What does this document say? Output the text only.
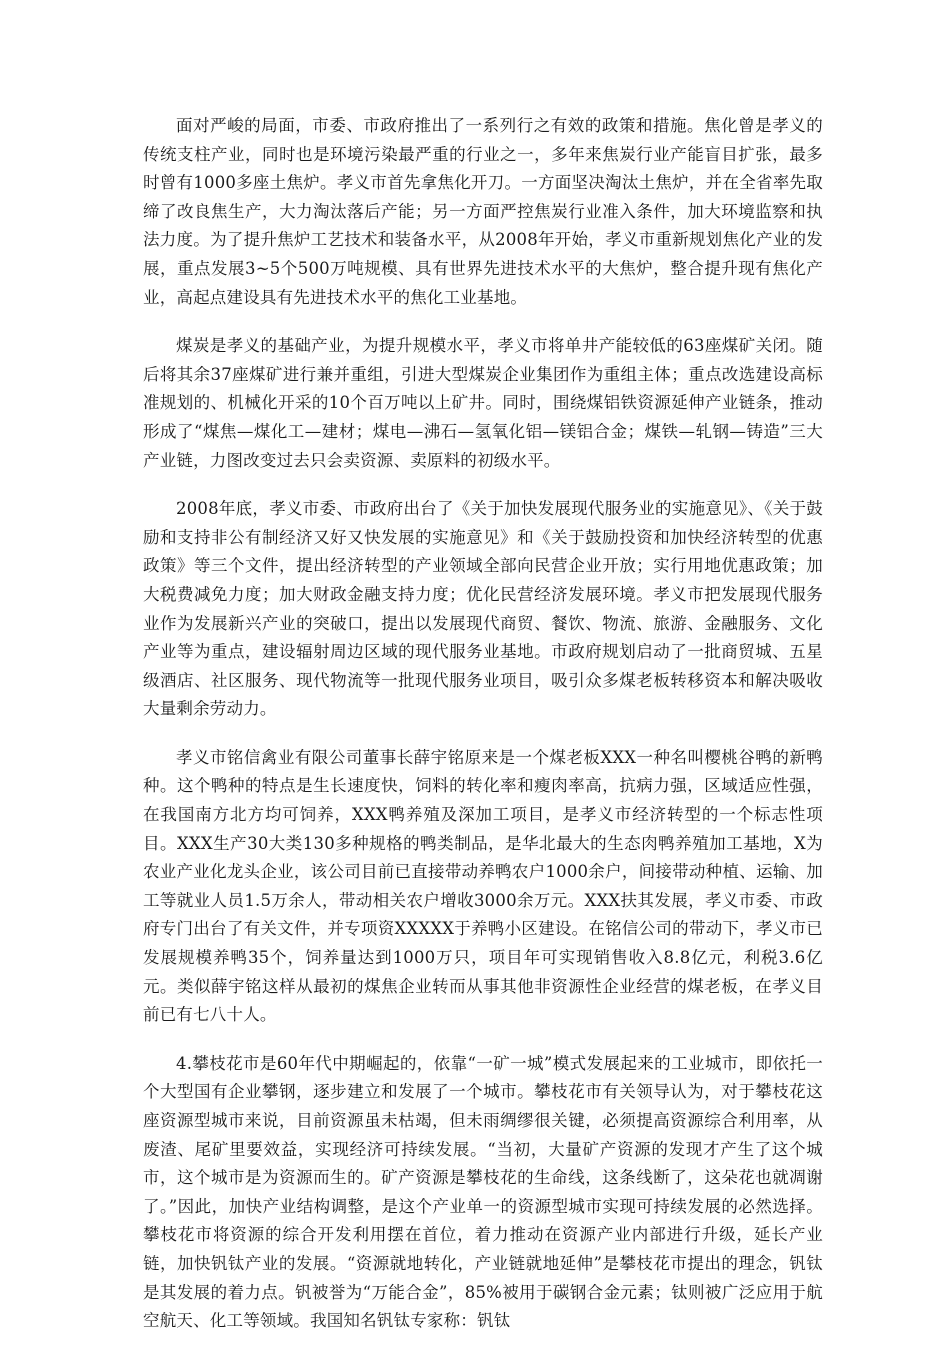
面对严峻的局面，市委、市政府推出了一系列行之有效的政策和措施。焦化曾是孝义的传统支柱产业，同时也是环境污染最严重的行业之一，多年来焦炭行业产能盲目扩张，最多时曾有1000多座土焦炉。孝义市首先拿焦化开刀。一方面坚决淘汰土焦炉，并在全省率先取缔了改良焦生产，大力淘汰落后产能；另一方面严控焦炭行业准入条件，加大环境监察和执法力度。为了提升焦炉工艺技术和装备水平，从2008年开始，孝义市重新规划焦化产业的发展，重点发展3~5个500万吨规模、具有世界先进技术水平的大焦炉，整合提升现有焦化产业，高起点建设具有先进技术水平的焦化工业基地。

煤炭是孝义的基础产业，为提升规模水平，孝义市将单井产能较低的63座煤矿关闭。随后将其余37座煤矿进行兼并重组，引进大型煤炭企业集团作为重组主体；重点改选建设高标准规划的、机械化开采的10个百万吨以上矿井。同时，围绕煤铝铁资源延伸产业链条，推动形成了“煤焦—煤化工—建材；煤电—沸石—氢氧化铝—镁铝合金；煤铁—轧钢—铸造”三大产业链，力图改变过去只会卖资源、卖原料的初级水平。

2008年底，孝义市委、市政府出台了《关于加快发展现代服务业的实施意见》、《关于鼓励和支持非公有制经济又好又快发展的实施意见》和《关于鼓励投资和加快经济转型的优惠政策》等三个文件，提出经济转型的产业领域全部向民营企业开放；实行用地优惠政策；加大税费减免力度；加大财政金融支持力度；优化民营经济发展环境。孝义市把发展现代服务业作为发展新兴产业的突破口，提出以发展现代商贸、餐饮、物流、旅游、金融服务、文化产业等为重点，建设辐射周边区域的现代服务业基地。市政府规划启动了一批商贸城、五星级酒店、社区服务、现代物流等一批现代服务业项目，吸引众多煤老板转移资本和解决吸收大量剩余劳动力。

孝义市铭信禽业有限公司董事长薛宇铭原来是一个煤老板XXX一种名叫樱桃谷鸭的新鸭种。这个鸭种的特点是生长速度快，饲料的转化率和瘦肉率高，抗病力强，区域适应性强，在我国南方北方均可饲养，XXX鸭养殖及深加工项目，是孝义市经济转型的一个标志性项目。XXX生产30大类130多种规格的鸭类制品，是华北最大的生态肉鸭养殖加工基地，X为农业产业化龙头企业，该公司目前已直接带动养鸭农户1000余户，间接带动种植、运输、加工等就业人员1.5万余人，带动相关农户增收3000余万元。XXX扶其发展，孝义市委、市政府专门出台了有关文件，并专项资XXXXX于养鸭小区建设。在铭信公司的带动下，孝义市已发展规模养鸭35个，饲养量达到1000万只，项目年可实现销售收入8.8亿元，利税3.6亿元。类似薛宇铭这样从最初的煤焦企业转而从事其他非资源性企业经营的煤老板，在孝义目前已有七八十人。

4.攀枝花市是60年代中期崛起的，依靠“一矿一城”模式发展起来的工业城市，即依托一个大型国有企业攀钢，逐步建立和发展了一个城市。攀枝花市有关领导认为，对于攀枝花这座资源型城市来说，目前资源虽未枯竭，但未雨绸缪很关键，必须提高资源综合利用率，从废渣、尾矿里要效益，实现经济可持续发展。“当初，大量矿产资源的发现才产生了这个城市，这个城市是为资源而生的。矿产资源是攀枝花的生命线，这条线断了，这朵花也就凋谢了。”因此，加快产业结构调整，是这个产业单一的资源型城市实现可持续发展的必然选择。攀枝花市将资源的综合开发利用摆在首位，着力推动在资源产业内部进行升级，延长产业链，加快钒钛产业的发展。“资源就地转化，产业链就地延伸”是攀枝花市提出的理念，钒钛是其发展的着力点。钒被誉为“万能合金”，85%被用于碳钢合金元素；钛则被广泛应用于航空航天、化工等领域。我国知名钒钛专家称：钒钛
